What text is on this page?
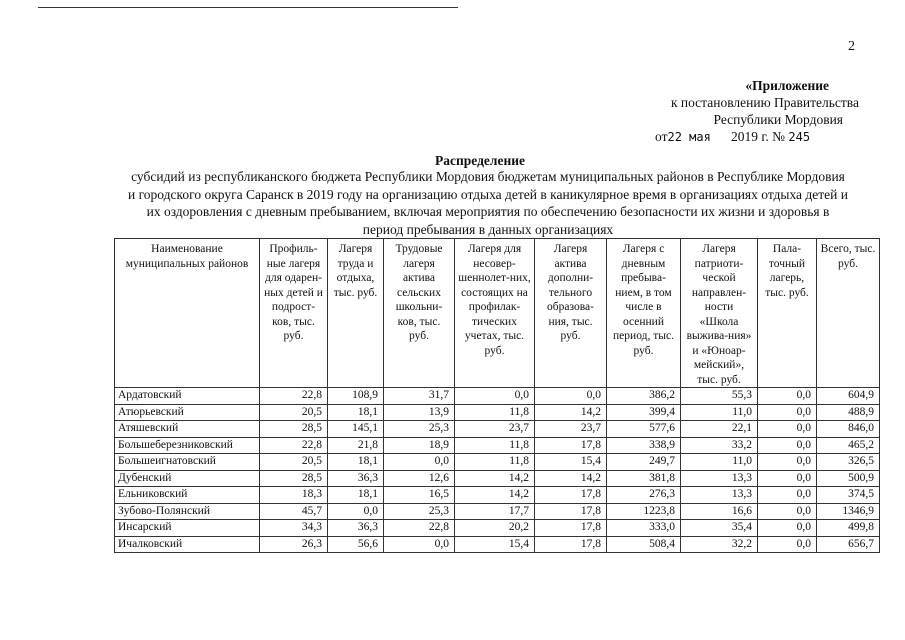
2
«Приложение
к постановлению Правительства
Республики Мордовия
от22 мая 2019 г. № 245
Распределение
субсидий из республиканского бюджета Республики Мордовия бюджетам муниципальных районов в Республике Мордовия и городского округа Саранск в 2019 году на организацию отдыха детей в каникулярное время в организациях отдыха детей и их оздоровления с дневным пребыванием, включая мероприятия по обеспечению безопасности их жизни и здоровья в период пребывания в данных организациях
Наименование муниципальных районов	Профиль-ные лагеря для одарен-ных детей и подрост-ков, тыс. руб.	Лагеря труда и отдыха, тыс. руб.	Трудовые лагеря актива сельских школьни-ков, тыс. руб.	Лагеря для несовер-шеннолет-них, состоящих на профилак-тических учетах, тыс. руб.	Лагеря актива дополни-тельного образова-ния, тыс. руб.	Лагеря с дневным пребыва-нием, в том числе в осенний период, тыс. руб.	Лагеря патриоти-ческой направлен-ности «Школа выжива-ния» и «Юноар-мейский», тыс. руб.	Пала-точный лагерь, тыс. руб.	Всего, тыс. руб.
Ардатовский	22,8	108,9	31,7	0,0	0,0	386,2	55,3	0,0	604,9
Атюрьевский	20,5	18,1	13,9	11,8	14,2	399,4	11,0	0,0	488,9
Атяшевский	28,5	145,1	25,3	23,7	23,7	577,6	22,1	0,0	846,0
Большеберезниковский	22,8	21,8	18,9	11,8	17,8	338,9	33,2	0,0	465,2
Большеигнатовский	20,5	18,1	0,0	11,8	15,4	249,7	11,0	0,0	326,5
Дубенский	28,5	36,3	12,6	14,2	14,2	381,8	13,3	0,0	500,9
Ельниковский	18,3	18,1	16,5	14,2	17,8	276,3	13,3	0,0	374,5
Зубово-Полянский	45,7	0,0	25,3	17,7	17,8	1223,8	16,6	0,0	1346,9
Инсарский	34,3	36,3	22,8	20,2	17,8	333,0	35,4	0,0	499,8
Ичалковский	26,3	56,6	0,0	15,4	17,8	508,4	32,2	0,0	656,7
